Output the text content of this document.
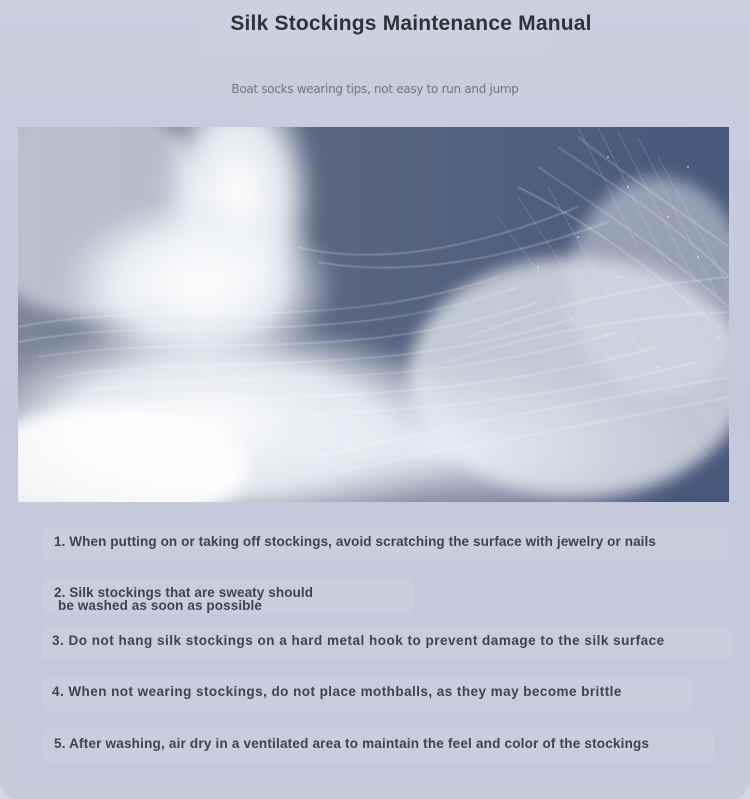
Silk Stockings Maintenance Manual

Boat socks wearing tips, not easy to run and jump

1. When putting on or taking off stockings, avoid scratching the surface with jewelry or nails

2. Silk stockings that are sweaty should

be washed as soon as possible

3. Do not hang silk stockings on a hard metal hook to prevent damage to the silk surface

4. When not wearing stockings, do not place mothballs, as they may become brittle

5. After washing, air dry in a ventilated area to maintain the feel and color of the stockings
